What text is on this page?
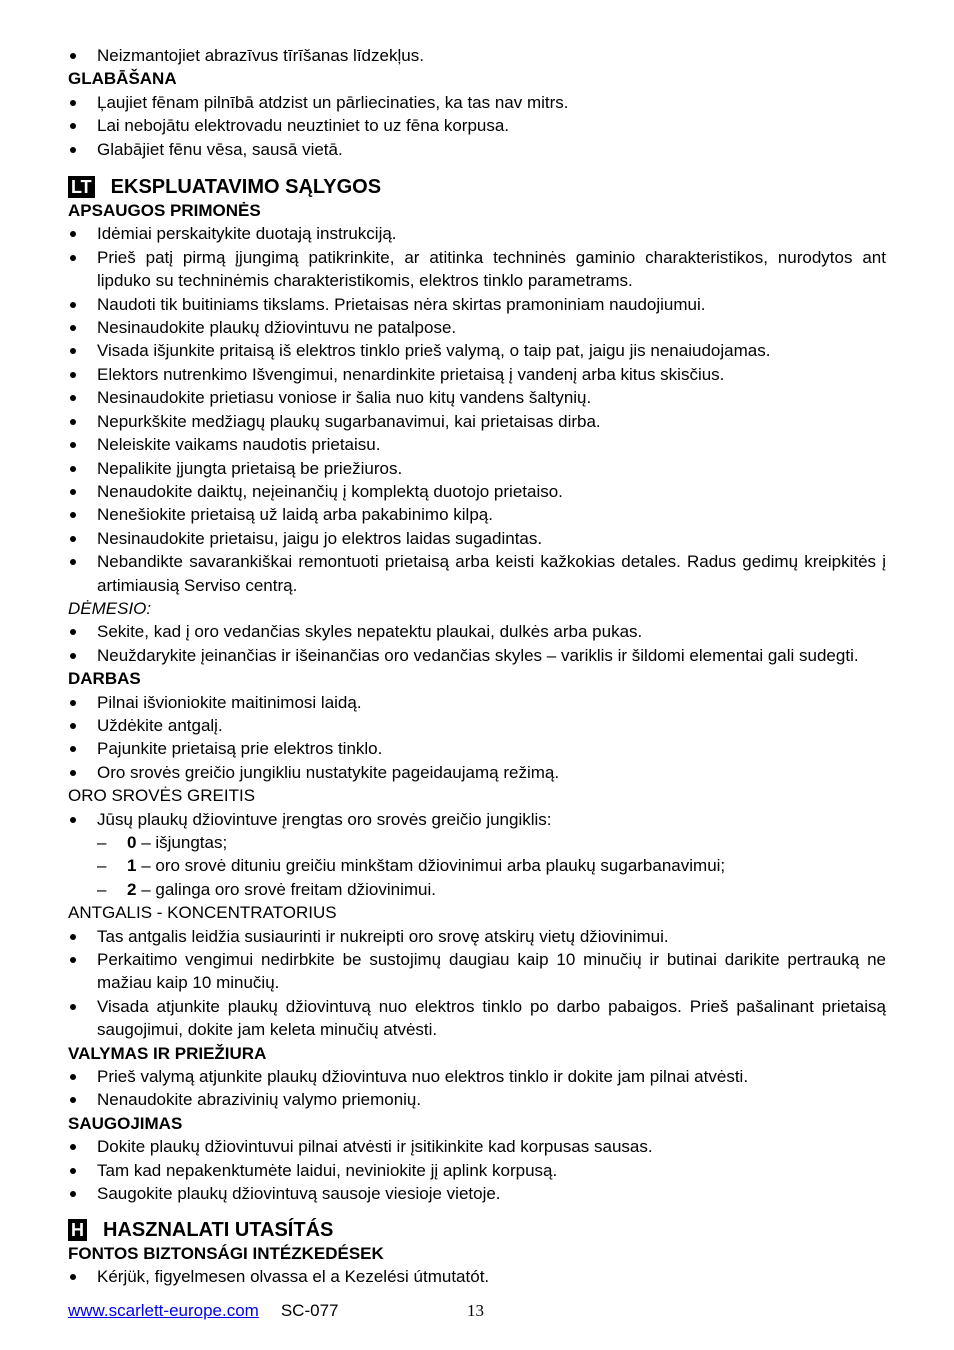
Neizmantojiet abrazīvus tīrīšanas līdzekļus.
GLABĀŠANA
Ļaujiet fēnam pilnībā atdzist un pārliecinaties, ka tas nav mitrs.
Lai nebojātu elektrovadu neuztiniet to uz fēna korpusa.
Glabājiet fēnu vēsa, sausā vietā.
LT EKSPLUATAVIMO SĄLYGOS
APSAUGOS PRIMONĖS
Idėmiai perskaitykite duotają instrukciją.
Prieš patį pirmą įjungimą patikrinkite, ar atitinka techninės gaminio charakteristikos, nurodytos ant lipduko su techninėmis charakteristikomis, elektros tinklo parametrams.
Naudoti tik buitiniams tikslams. Prietaisas nėra skirtas pramoniniam naudojiumui.
Nesinaudokite plaukų džiovintuvu ne patalpose.
Visada išjunkite pritaisą iš elektros tinklo prieš valymą, o taip pat, jaigu jis nenaiudojamas.
Elektors nutrenkimo Išvengimui, nenardinkite prietaisą į vandenį arba kitus skisčius.
Nesinaudokite prietiasu voniose ir šalia nuo kitų vandens šaltynių.
Nepurkškite medžiagų plaukų sugarbanavimui, kai prietaisas dirba.
Neleiskite vaikams naudotis prietaisu.
Nepalikite įjungta prietaisą be priežiuros.
Nenaudokite daiktų, neįeinančių į komplektą duotojo prietaiso.
Nenešiokite prietaisą už laidą arba pakabinimo kilpą.
Nesinaudokite prietaisu, jaigu jo elektros laidas sugadintas.
Nebandikte savarankiškai remontuoti prietaisą arba keisti kažkokias detales. Radus gedimų kreipkitės į artimiausią Serviso centrą.
DĖMESIO:
Sekite, kad į oro vedančias skyles nepatektu plaukai, dulkės arba pukas.
Neuždarykite įeinančias ir išeinančias oro vedančias skyles – variklis ir šildomi elementai gali sudegti.
DARBAS
Pilnai išvioniokite maitinimosi laidą.
Uždėkite antgalį.
Pajunkite prietaisą prie elektros tinklo.
Oro srovės greičio jungikliu nustatykite pageidaujamą režimą.
ORO SROVĖS GREITIS
Jūsų plaukų džiovintuve įrengtas oro srovės greičio jungiklis:
– 0 – išjungtas;
– 1 – oro srovė dituniu greičiu minkštam džiovinimui arba plaukų sugarbanavimui;
– 2 – galinga oro srovė freitam džiovinimui.
ANTGALIS - KONCENTRATORIUS
Tas antgalis leidžia susiaurinti ir nukreipti oro srovę atskirų vietų džiovinimui.
Perkaitimo vengimui nedirbkite be sustojimų daugiau kaip 10 minučių ir butinai darikite pertrauką ne mažiau kaip 10 minučių.
Visada atjunkite plaukų džiovintuvą nuo elektros tinklo po darbo pabaigos. Prieš pašalinant prietaisą saugojimui, dokite jam keleta minučių atvėsti.
VALYMAS IR PRIEŽIURA
Prieš valymą atjunkite plaukų džiovintuva nuo elektros tinklo ir dokite jam pilnai atvėsti.
Nenaudokite abrazivinių valymo priemonių.
SAUGOJIMAS
Dokite plaukų džiovintuvui pilnai atvėsti ir įsitikinkite kad korpusas sausas.
Tam kad nepakenktumėte laidui, neviniokite jį aplink korpusą.
Saugokite plaukų džiovintuvą sausoje viesioje vietoje.
H HASZNALATI UTASÍTÁS
FONTOS BIZTONSÁGI INTÉZKEDÉSEK
Kérjük, figyelmesen olvassa el a Kezelési útmutatót.
www.scarlett-europe.com SC-077	13
